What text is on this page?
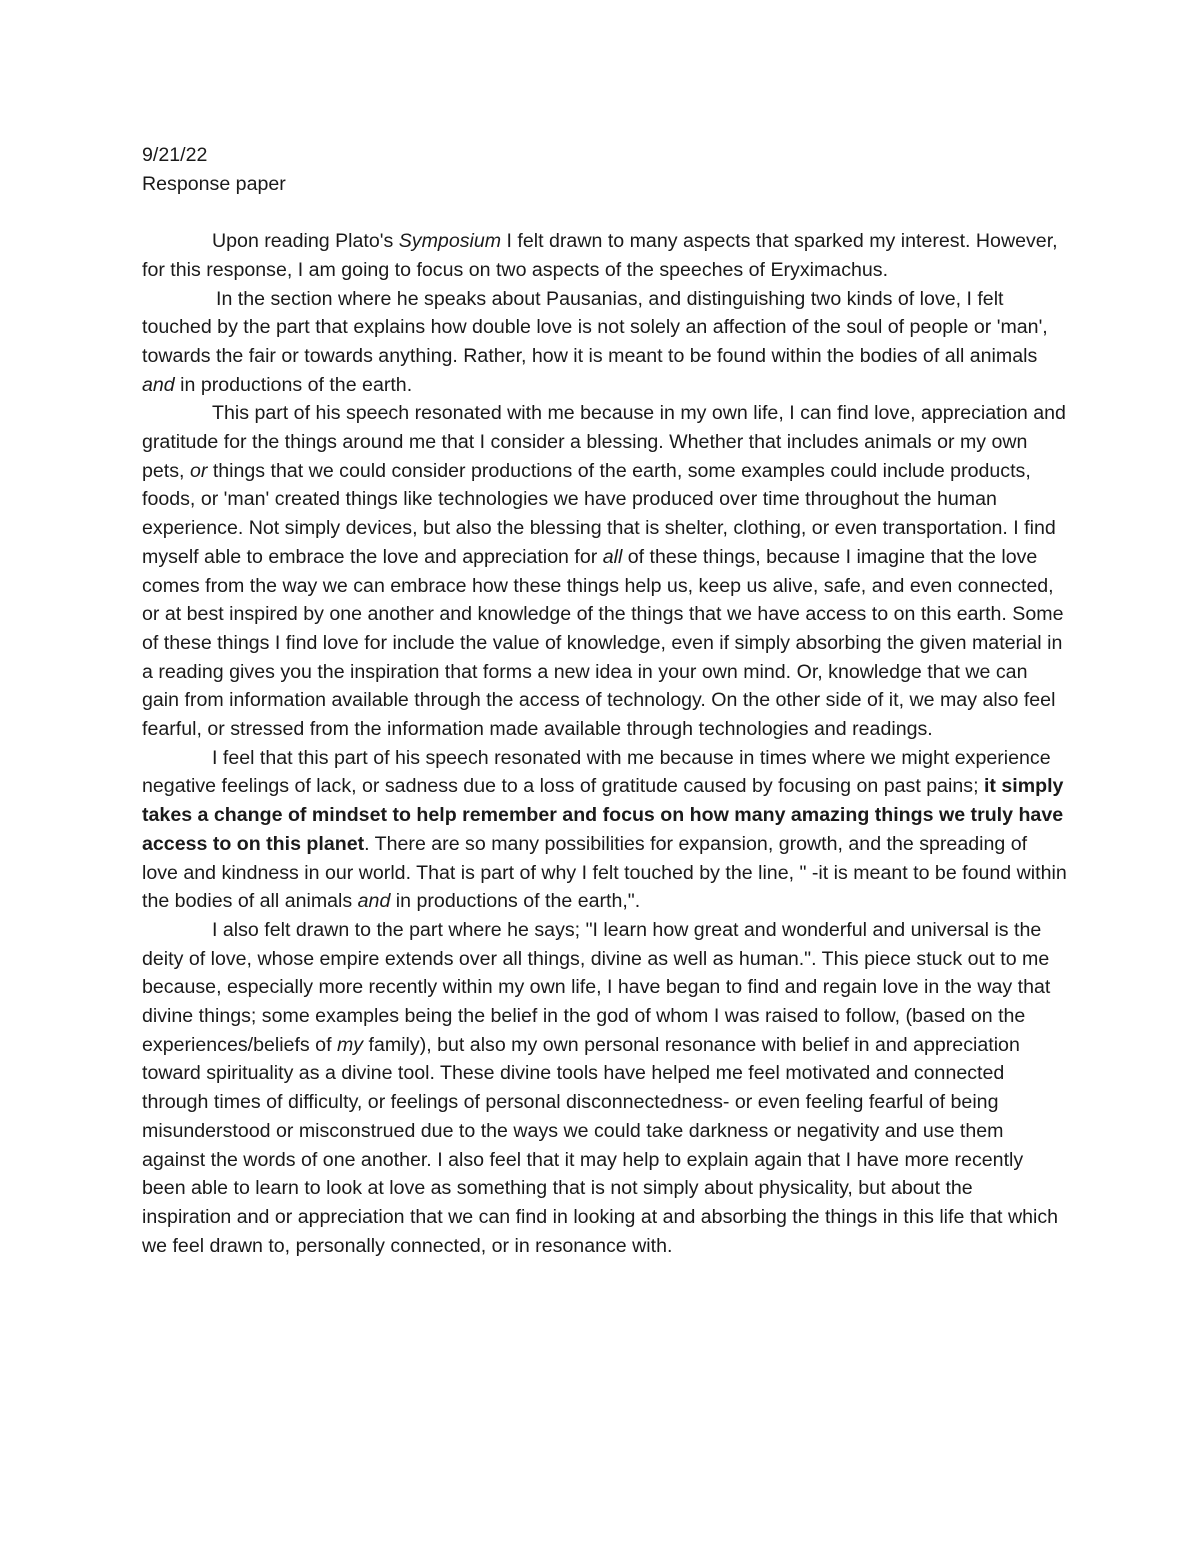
9/21/22
Response paper

Upon reading Plato's Symposium I felt drawn to many aspects that sparked my interest. However, for this response, I am going to focus on two aspects of the speeches of Eryximachus.

In the section where he speaks about Pausanias, and distinguishing two kinds of love, I felt touched by the part that explains how double love is not solely an affection of the soul of people or 'man', towards the fair or towards anything. Rather, how it is meant to be found within the bodies of all animals and in productions of the earth.

This part of his speech resonated with me because in my own life, I can find love, appreciation and gratitude for the things around me that I consider a blessing. Whether that includes animals or my own pets, or things that we could consider productions of the earth, some examples could include products, foods, or 'man' created things like technologies we have produced over time throughout the human experience. Not simply devices, but also the blessing that is shelter, clothing, or even transportation. I find myself able to embrace the love and appreciation for all of these things, because I imagine that the love comes from the way we can embrace how these things help us, keep us alive, safe, and even connected, or at best inspired by one another and knowledge of the things that we have access to on this earth. Some of these things I find love for include the value of knowledge, even if simply absorbing the given material in a reading gives you the inspiration that forms a new idea in your own mind. Or, knowledge that we can gain from information available through the access of technology. On the other side of it, we may also feel fearful, or stressed from the information made available through technologies and readings.

I feel that this part of his speech resonated with me because in times where we might experience negative feelings of lack, or sadness due to a loss of gratitude caused by focusing on past pains; it simply takes a change of mindset to help remember and focus on how many amazing things we truly have access to on this planet. There are so many possibilities for expansion, growth, and the spreading of love and kindness in our world. That is part of why I felt touched by the line, " -it is meant to be found within the bodies of all animals and in productions of the earth,".

I also felt drawn to the part where he says; "I learn how great and wonderful and universal is the deity of love, whose empire extends over all things, divine as well as human.". This piece stuck out to me because, especially more recently within my own life, I have began to find and regain love in the way that divine things; some examples being the belief in the god of whom I was raised to follow, (based on the experiences/beliefs of my family), but also my own personal resonance with belief in and appreciation toward spirituality as a divine tool. These divine tools have helped me feel motivated and connected through times of difficulty, or feelings of personal disconnectedness- or even feeling fearful of being misunderstood or misconstrued due to the ways we could take darkness or negativity and use them against the words of one another. I also feel that it may help to explain again that I have more recently been able to learn to look at love as something that is not simply about physicality, but about the inspiration and or appreciation that we can find in looking at and absorbing the things in this life that which we feel drawn to, personally connected, or in resonance with.
